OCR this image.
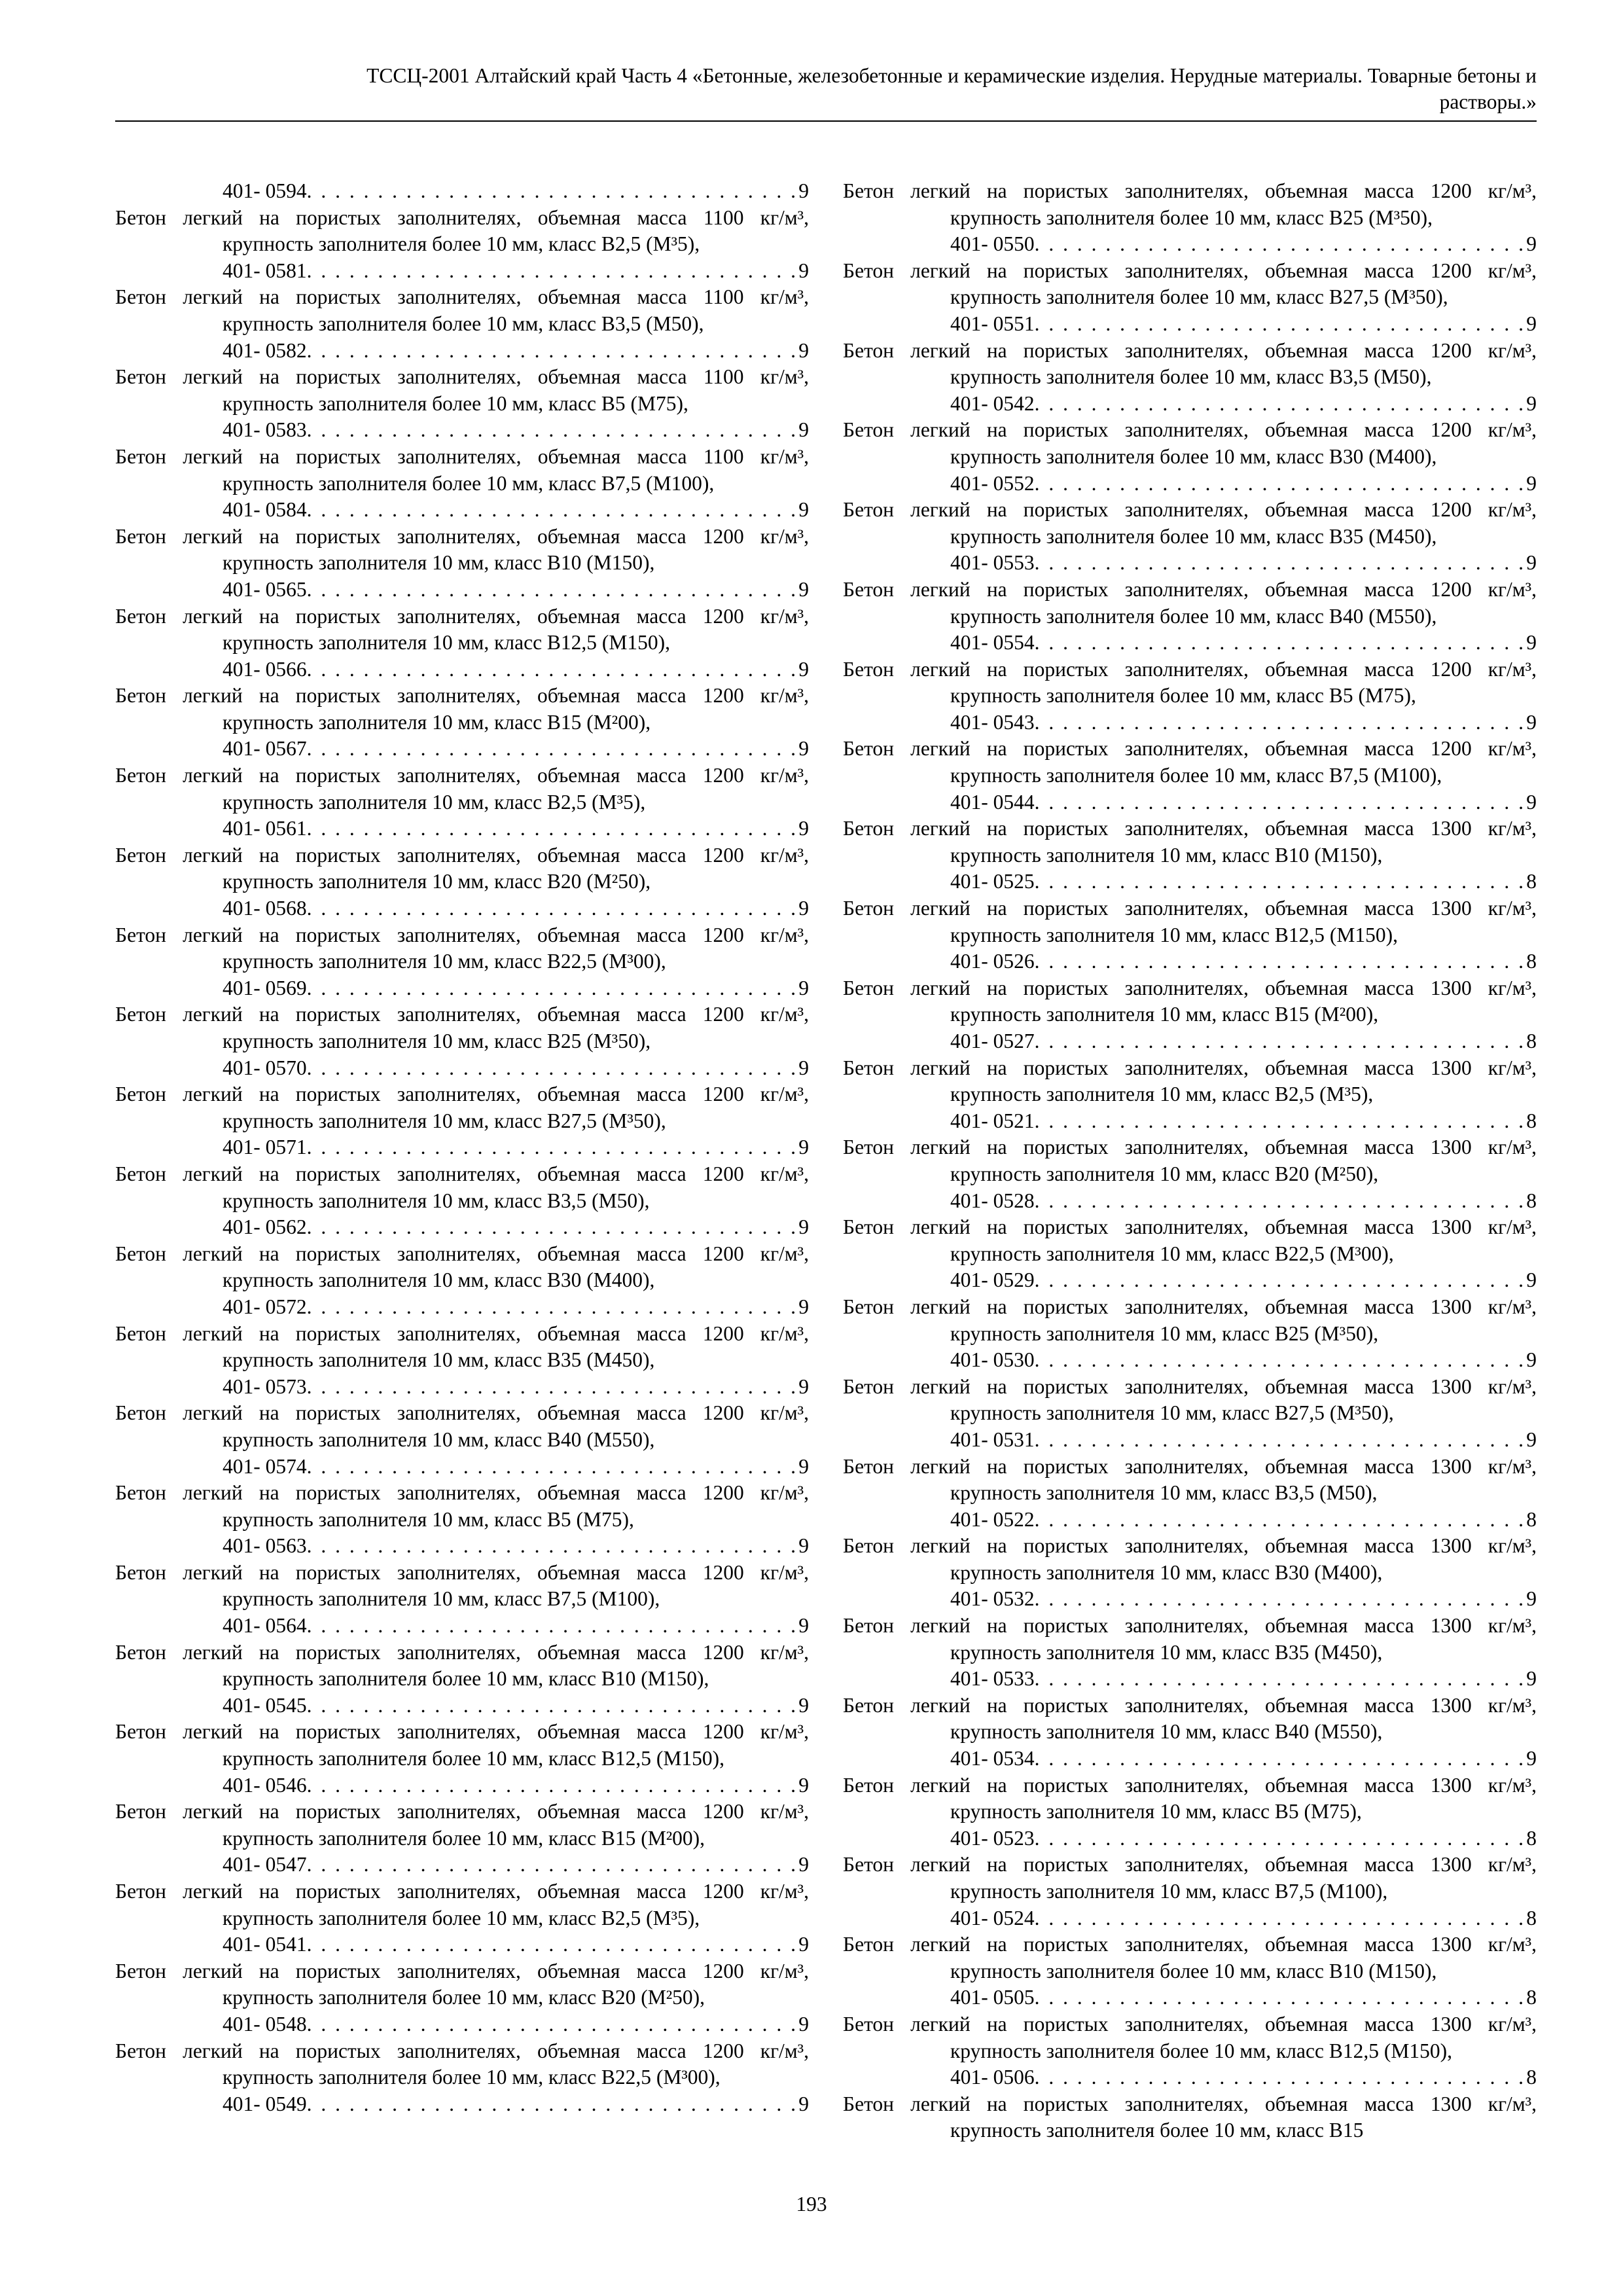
ТССЦ-2001 Алтайский край Часть 4 «Бетонные, железобетонные и керамические изделия. Нерудные материалы. Товарные бетоны и
растворы.»
401- 0594 . . .	9
Бетон легкий на пористых заполнителях, объемная масса 1100 кг/м³, крупность заполнителя более 10 мм, класс В2,5 (М³5),
401- 0581 . . .	9
Бетон легкий на пористых заполнителях, объемная масса 1100 кг/м³, крупность заполнителя более 10 мм, класс В3,5 (М50),
401- 0582 . . .	9
Бетон легкий на пористых заполнителях, объемная масса 1100 кг/м³, крупность заполнителя более 10 мм, класс В5 (М75),
401- 0583 . . .	9
Бетон легкий на пористых заполнителях, объемная масса 1100 кг/м³, крупность заполнителя более 10 мм, класс В7,5 (М100),
401- 0584 . . .	9
Бетон легкий на пористых заполнителях, объемная масса 1200 кг/м³, крупность заполнителя 10 мм, класс В10 (М150),
401- 0565 . . .	9
Бетон легкий на пористых заполнителях, объемная масса 1200 кг/м³, крупность заполнителя 10 мм, класс В12,5 (М150),
401- 0566 . . .	9
Бетон легкий на пористых заполнителях, объемная масса 1200 кг/м³, крупность заполнителя 10 мм, класс В15 (М²00),
401- 0567 . . .	9
Бетон легкий на пористых заполнителях, объемная масса 1200 кг/м³, крупность заполнителя 10 мм, класс В2,5 (М³5),
401- 0561 . . .	9
Бетон легкий на пористых заполнителях, объемная масса 1200 кг/м³, крупность заполнителя 10 мм, класс В20 (М²50),
401- 0568 . . .	9
Бетон легкий на пористых заполнителях, объемная масса 1200 кг/м³, крупность заполнителя 10 мм, класс В22,5 (М³00),
401- 0569 . . .	9
Бетон легкий на пористых заполнителях, объемная масса 1200 кг/м³, крупность заполнителя 10 мм, класс В25 (М³50),
401- 0570 . . .	9
Бетон легкий на пористых заполнителях, объемная масса 1200 кг/м³, крупность заполнителя 10 мм, класс В27,5 (М³50),
401- 0571 . . .	9
Бетон легкий на пористых заполнителях, объемная масса 1200 кг/м³, крупность заполнителя 10 мм, класс В3,5 (М50),
401- 0562 . . .	9
Бетон легкий на пористых заполнителях, объемная масса 1200 кг/м³, крупность заполнителя 10 мм, класс В30 (М400),
401- 0572 . . .	9
Бетон легкий на пористых заполнителях, объемная масса 1200 кг/м³, крупность заполнителя 10 мм, класс В35 (М450),
401- 0573 . . .	9
Бетон легкий на пористых заполнителях, объемная масса 1200 кг/м³, крупность заполнителя 10 мм, класс В40 (М550),
401- 0574 . . .	9
Бетон легкий на пористых заполнителях, объемная масса 1200 кг/м³, крупность заполнителя 10 мм, класс В5 (М75),
401- 0563 . . .	9
Бетон легкий на пористых заполнителях, объемная масса 1200 кг/м³, крупность заполнителя 10 мм, класс В7,5 (М100),
401- 0564 . . .	9
Бетон легкий на пористых заполнителях, объемная масса 1200 кг/м³, крупность заполнителя более 10 мм, класс В10 (М150),
401- 0545 . . .	9
Бетон легкий на пористых заполнителях, объемная масса 1200 кг/м³, крупность заполнителя более 10 мм, класс В12,5 (М150),
401- 0546 . . .	9
Бетон легкий на пористых заполнителях, объемная масса 1200 кг/м³, крупность заполнителя более 10 мм, класс В15 (М²00),
401- 0547 . . .	9
Бетон легкий на пористых заполнителях, объемная масса 1200 кг/м³, крупность заполнителя более 10 мм, класс В2,5 (М³5),
401- 0541 . . .	9
Бетон легкий на пористых заполнителях, объемная масса 1200 кг/м³, крупность заполнителя более 10 мм, класс В20 (М²50),
401- 0548 . . .	9
Бетон легкий на пористых заполнителях, объемная масса 1200 кг/м³, крупность заполнителя более 10 мм, класс В22,5 (М³00),
401- 0549 . . .	9
Бетон легкий на пористых заполнителях, объемная масса 1200 кг/м³, крупность заполнителя более 10 мм, класс В25 (М³50),
401- 0550 . . .	9
Бетон легкий на пористых заполнителях, объемная масса 1200 кг/м³, крупность заполнителя более 10 мм, класс В27,5 (М³50),
401- 0551 . . .	9
Бетон легкий на пористых заполнителях, объемная масса 1200 кг/м³, крупность заполнителя более 10 мм, класс В3,5 (М50),
401- 0542 . . .	9
Бетон легкий на пористых заполнителях, объемная масса 1200 кг/м³, крупность заполнителя более 10 мм, класс В30 (М400),
401- 0552 . . .	9
Бетон легкий на пористых заполнителях, объемная масса 1200 кг/м³, крупность заполнителя более 10 мм, класс В35 (М450),
401- 0553 . . .	9
Бетон легкий на пористых заполнителях, объемная масса 1200 кг/м³, крупность заполнителя более 10 мм, класс В40 (М550),
401- 0554 . . .	9
Бетон легкий на пористых заполнителях, объемная масса 1200 кг/м³, крупность заполнителя более 10 мм, класс В5 (М75),
401- 0543 . . .	9
Бетон легкий на пористых заполнителях, объемная масса 1200 кг/м³, крупность заполнителя более 10 мм, класс В7,5 (М100),
401- 0544 . . .	9
Бетон легкий на пористых заполнителях, объемная масса 1300 кг/м³, крупность заполнителя 10 мм, класс В10 (М150),
401- 0525 . . .	8
Бетон легкий на пористых заполнителях, объемная масса 1300 кг/м³, крупность заполнителя 10 мм, класс В12,5 (М150),
401- 0526 . . .	8
Бетон легкий на пористых заполнителях, объемная масса 1300 кг/м³, крупность заполнителя 10 мм, класс В15 (М²00),
401- 0527 . . .	8
Бетон легкий на пористых заполнителях, объемная масса 1300 кг/м³, крупность заполнителя 10 мм, класс В2,5 (М³5),
401- 0521 . . .	8
Бетон легкий на пористых заполнителях, объемная масса 1300 кг/м³, крупность заполнителя 10 мм, класс В20 (М²50),
401- 0528 . . .	8
Бетон легкий на пористых заполнителях, объемная масса 1300 кг/м³, крупность заполнителя 10 мм, класс В22,5 (М³00),
401- 0529 . . .	9
Бетон легкий на пористых заполнителях, объемная масса 1300 кг/м³, крупность заполнителя 10 мм, класс В25 (М³50),
401- 0530 . . .	9
Бетон легкий на пористых заполнителях, объемная масса 1300 кг/м³, крупность заполнителя 10 мм, класс В27,5 (М³50),
401- 0531 . . .	9
Бетон легкий на пористых заполнителях, объемная масса 1300 кг/м³, крупность заполнителя 10 мм, класс В3,5 (М50),
401- 0522 . . .	8
Бетон легкий на пористых заполнителях, объемная масса 1300 кг/м³, крупность заполнителя 10 мм, класс В30 (М400),
401- 0532 . . .	9
Бетон легкий на пористых заполнителях, объемная масса 1300 кг/м³, крупность заполнителя 10 мм, класс В35 (М450),
401- 0533 . . .	9
Бетон легкий на пористых заполнителях, объемная масса 1300 кг/м³, крупность заполнителя 10 мм, класс В40 (М550),
401- 0534 . . .	9
Бетон легкий на пористых заполнителях, объемная масса 1300 кг/м³, крупность заполнителя 10 мм, класс В5 (М75),
401- 0523 . . .	8
Бетон легкий на пористых заполнителях, объемная масса 1300 кг/м³, крупность заполнителя 10 мм, класс В7,5 (М100),
401- 0524 . . .	8
Бетон легкий на пористых заполнителях, объемная масса 1300 кг/м³, крупность заполнителя более 10 мм, класс В10 (М150),
401- 0505 . . .	8
Бетон легкий на пористых заполнителях, объемная масса 1300 кг/м³, крупность заполнителя более 10 мм, класс В12,5 (М150),
401- 0506 . . .	8
Бетон легкий на пористых заполнителях, объемная масса 1300 кг/м³, крупность заполнителя более 10 мм, класс В15
193
